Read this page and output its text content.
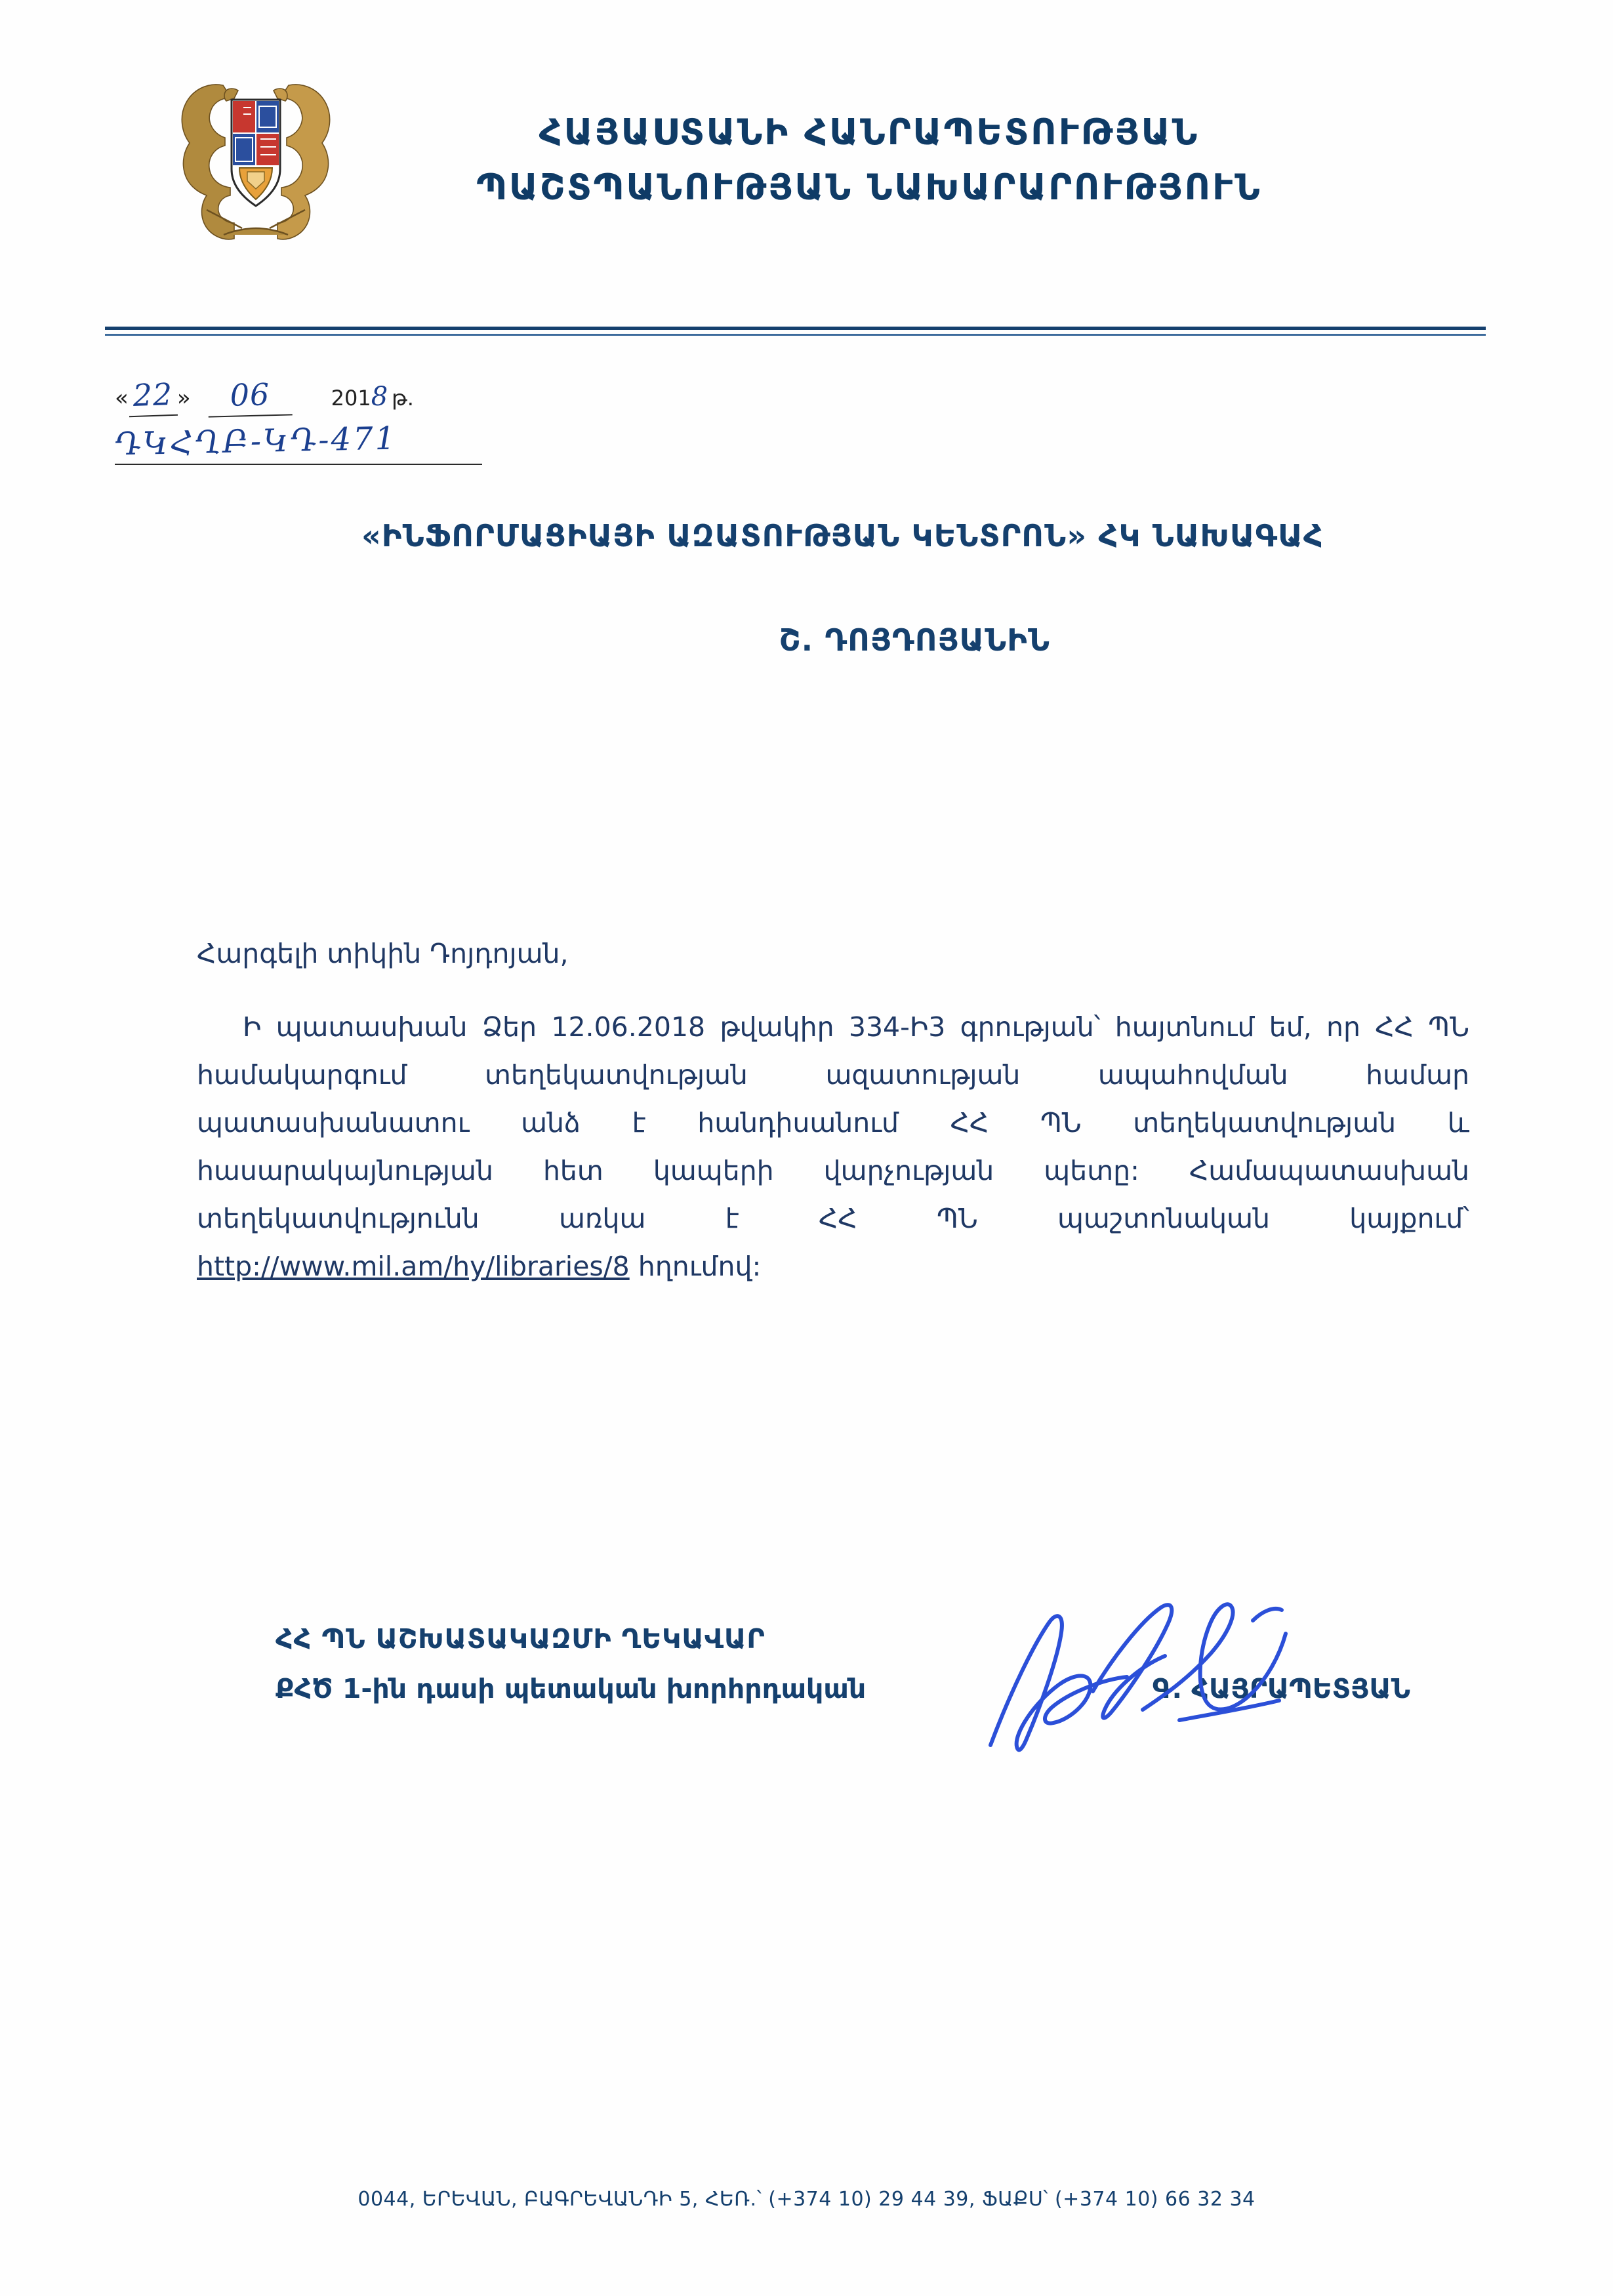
ՀԱՅԱՍՏԱՆԻ ՀԱՆՐԱՊԵՏՈՒԹՅԱՆ
ՊԱՇՏՊԱՆՈՒԹՅԱՆ ՆԱԽԱՐԱՐՈՒԹՅՈՒՆ
« 22 »	06	201 8 թ.
ԴԿՀՂԲ-ԿԴ-471
«ԻՆՖՈՐՄԱՑԻԱՅԻ ԱԶԱՏՈՒԹՅԱՆ ԿԵՆՏՐՈՆ» ՀԿ ՆԱԽԱԳԱՀ
Շ. ԴՈՅԴՈՅԱՆԻՆ
Հարգելի տիկին Դոյդոյան,
Ի պատասխան Ձեր 12.06.2018 թվակիր 334-Ի3 գրության՝ հայտնում եմ, որ ՀՀ ՊՆ համակարգում տեղեկատվության ազատության ապահովման համար պատասխանատու անձ է հանդիսանում ՀՀ ՊՆ տեղեկատվության և հասարակայնության հետ կապերի վարչության պետը: Համապատասխան տեղեկատվությունն առկա է ՀՀ ՊՆ պաշտոնական կայքում՝ http://www.mil.am/hy/libraries/8 հղումով:
ՀՀ ՊՆ ԱՇԽԱՏԱԿԱԶՄԻ ՂԵԿԱՎԱՐ
ՔՀԾ 1-ին դասի պետական խորհրդական	Գ. ՀԱՅՐԱՊԵՏՅԱՆ
0044, ԵՐԵՎԱՆ, ԲԱԳՐԵՎԱՆԴԻ 5, ՀԵՌ.՝ (+374 10) 29 44 39, ՖԱՔՍ՝ (+374 10) 66 32 34
